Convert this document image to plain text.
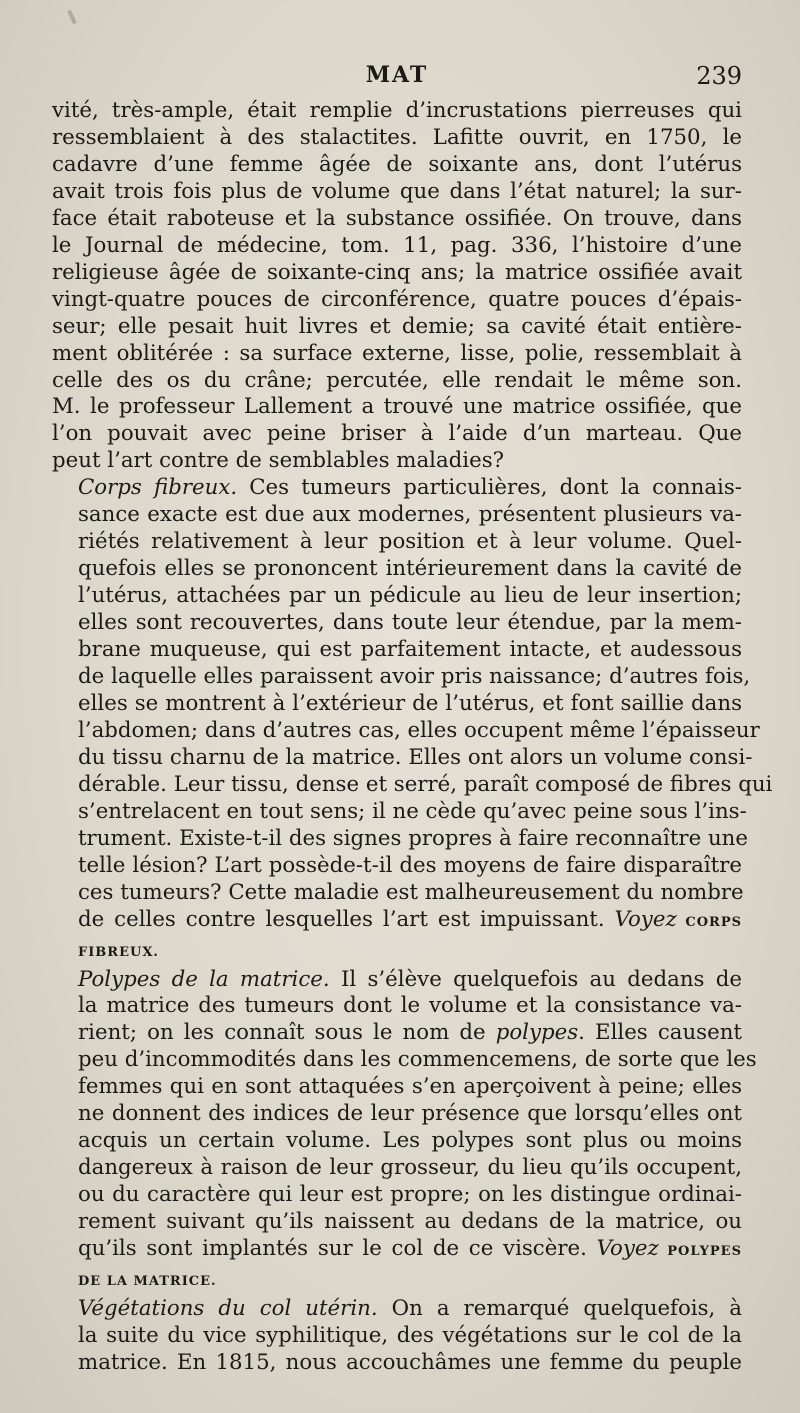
MAT	239
vité, très-ample, était remplie d’incrustations pierreuses qui
ressemblaient à des stalactites. Lafitte ouvrit, en 1750, le
cadavre d’une femme âgée de soixante ans, dont l’utérus
avait trois fois plus de volume que dans l’état naturel; la sur-
face était raboteuse et la substance ossifiée. On trouve, dans
le Journal de médecine, tom. 11, pag. 336, l’histoire d’une
religieuse âgée de soixante-cinq ans; la matrice ossifiée avait
vingt-quatre pouces de circonférence, quatre pouces d’épais-
seur; elle pesait huit livres et demie; sa cavité était entière-
ment oblitérée : sa surface externe, lisse, polie, ressemblait à
celle des os du crâne; percutée, elle rendait le même son.
M. le professeur Lallement a trouvé une matrice ossifiée, que
l’on pouvait avec peine briser à l’aide d’un marteau. Que
peut l’art contre de semblables maladies?
Corps fibreux. Ces tumeurs particulières, dont la connais-
sance exacte est due aux modernes, présentent plusieurs va-
riétés relativement à leur position et à leur volume. Quel-
quefois elles se prononcent intérieurement dans la cavité de
l’utérus, attachées par un pédicule au lieu de leur insertion;
elles sont recouvertes, dans toute leur étendue, par la mem-
brane muqueuse, qui est parfaitement intacte, et audessous
de laquelle elles paraissent avoir pris naissance; d’autres fois,
elles se montrent à l’extérieur de l’utérus, et font saillie dans
l’abdomen; dans d’autres cas, elles occupent même l’épaisseur
du tissu charnu de la matrice. Elles ont alors un volume consi-
dérable. Leur tissu, dense et serré, paraît composé de fibres qui
s’entrelacent en tout sens; il ne cède qu’avec peine sous l’ins-
trument. Existe-t-il des signes propres à faire reconnaître une
telle lésion? L’art possède-t-il des moyens de faire disparaître
ces tumeurs? Cette maladie est malheureusement du nombre
de celles contre lesquelles l’art est impuissant. Voyez CORPS
FIBREUX.
Polypes de la matrice. Il s’élève quelquefois au dedans de
la matrice des tumeurs dont le volume et la consistance va-
rient; on les connaît sous le nom de polypes. Elles causent
peu d’incommodités dans les commencemens, de sorte que les
femmes qui en sont attaquées s’en aperçoivent à peine; elles
ne donnent des indices de leur présence que lorsqu’elles ont
acquis un certain volume. Les polypes sont plus ou moins
dangereux à raison de leur grosseur, du lieu qu’ils occupent,
ou du caractère qui leur est propre; on les distingue ordinai-
rement suivant qu’ils naissent au dedans de la matrice, ou
qu’ils sont implantés sur le col de ce viscère. Voyez POLYPES
DE LA MATRICE.
Végétations du col utérin. On a remarqué quelquefois, à
la suite du vice syphilitique, des végétations sur le col de la
matrice. En 1815, nous accouchâmes une femme du peuple
